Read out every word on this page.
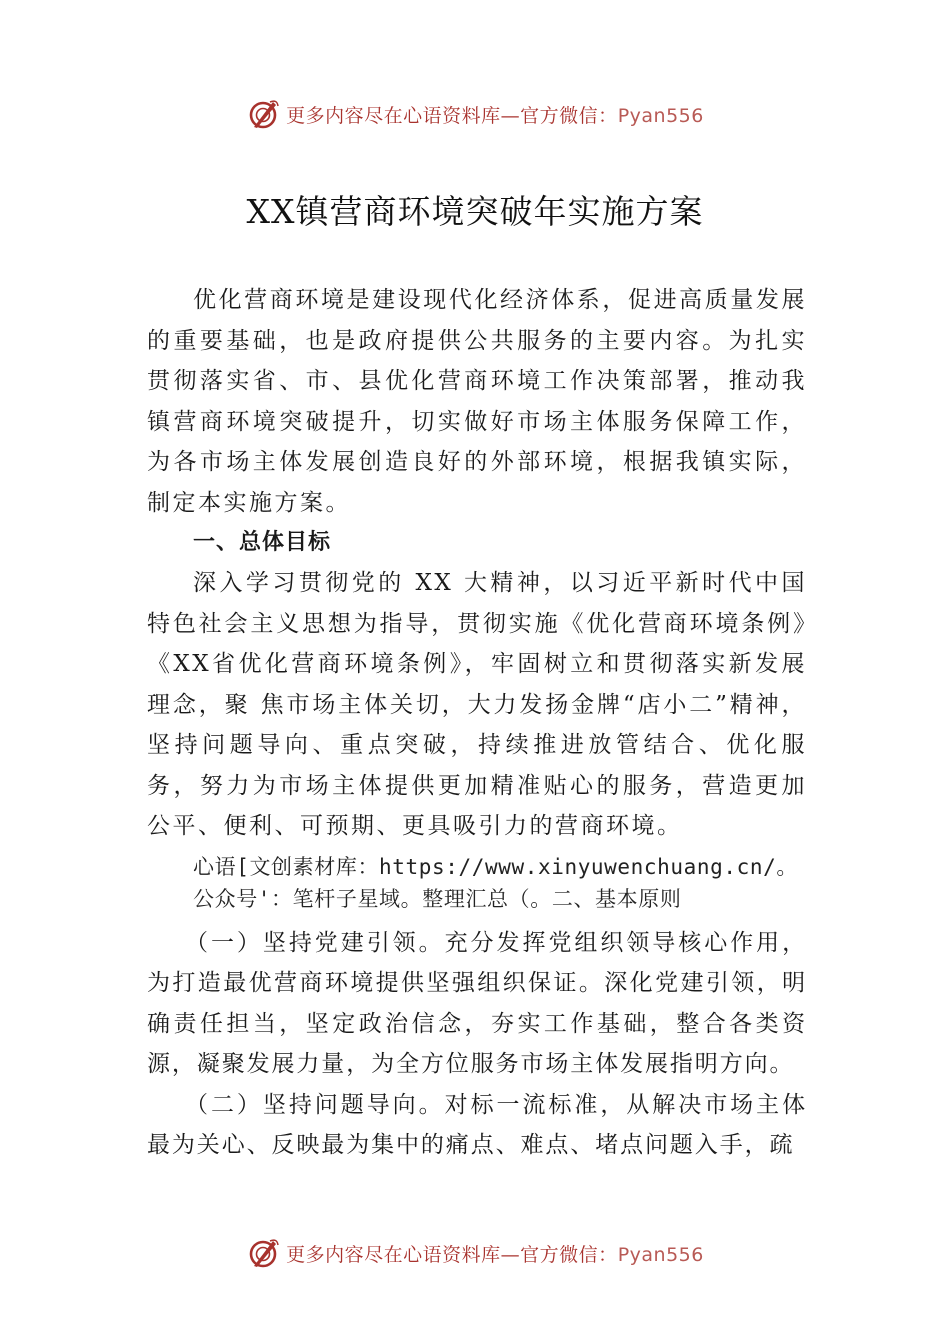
更多内容尽在心语资料库—官方微信：Pyan556
XX镇营商环境突破年实施方案

优化营商环境是建设现代化经济体系，促进高质量发展的重要基础，也是政府提供公共服务的主要内容。为扎实贯彻落实省、市、县优化营商环境工作决策部署，推动我镇营商环境突破提升，切实做好市场主体服务保障工作，为各市场主体发展创造良好的外部环境，根据我镇实际，制定本实施方案。

一、总体目标

深入学习贯彻党的 XX 大精神，以习近平新时代中国特色社会主义思想为指导，贯彻实施《优化营商环境条例》《XX省优化营商环境条例》，牢固树立和贯彻落实新发展理念，聚 焦市场主体关切，大力发扬金牌“店小二”精神，坚持问题导向、重点突破，持续推进放管结合、优化服务，努力为市场主体提供更加精准贴心的服务，营造更加公平、便利、可预期、更具吸引力的营商环境。

心语[文创素材库：https://www.xinyuwenchuang.cn/。

公众号'：笔杆子星域。整理汇总（。二、基本原则

（一）坚持党建引领。充分发挥党组织领导核心作用，为打造最优营商环境提供坚强组织保证。深化党建引领，明确责任担当，坚定政治信念，夯实工作基础，整合各类资源，凝聚发展力量，为全方位服务市场主体发展指明方向。

（二）坚持问题导向。对标一流标准，从解决市场主体最为关心、反映最为集中的痛点、难点、堵点问题入手，疏

更多内容尽在心语资料库—官方微信：Pyan556
